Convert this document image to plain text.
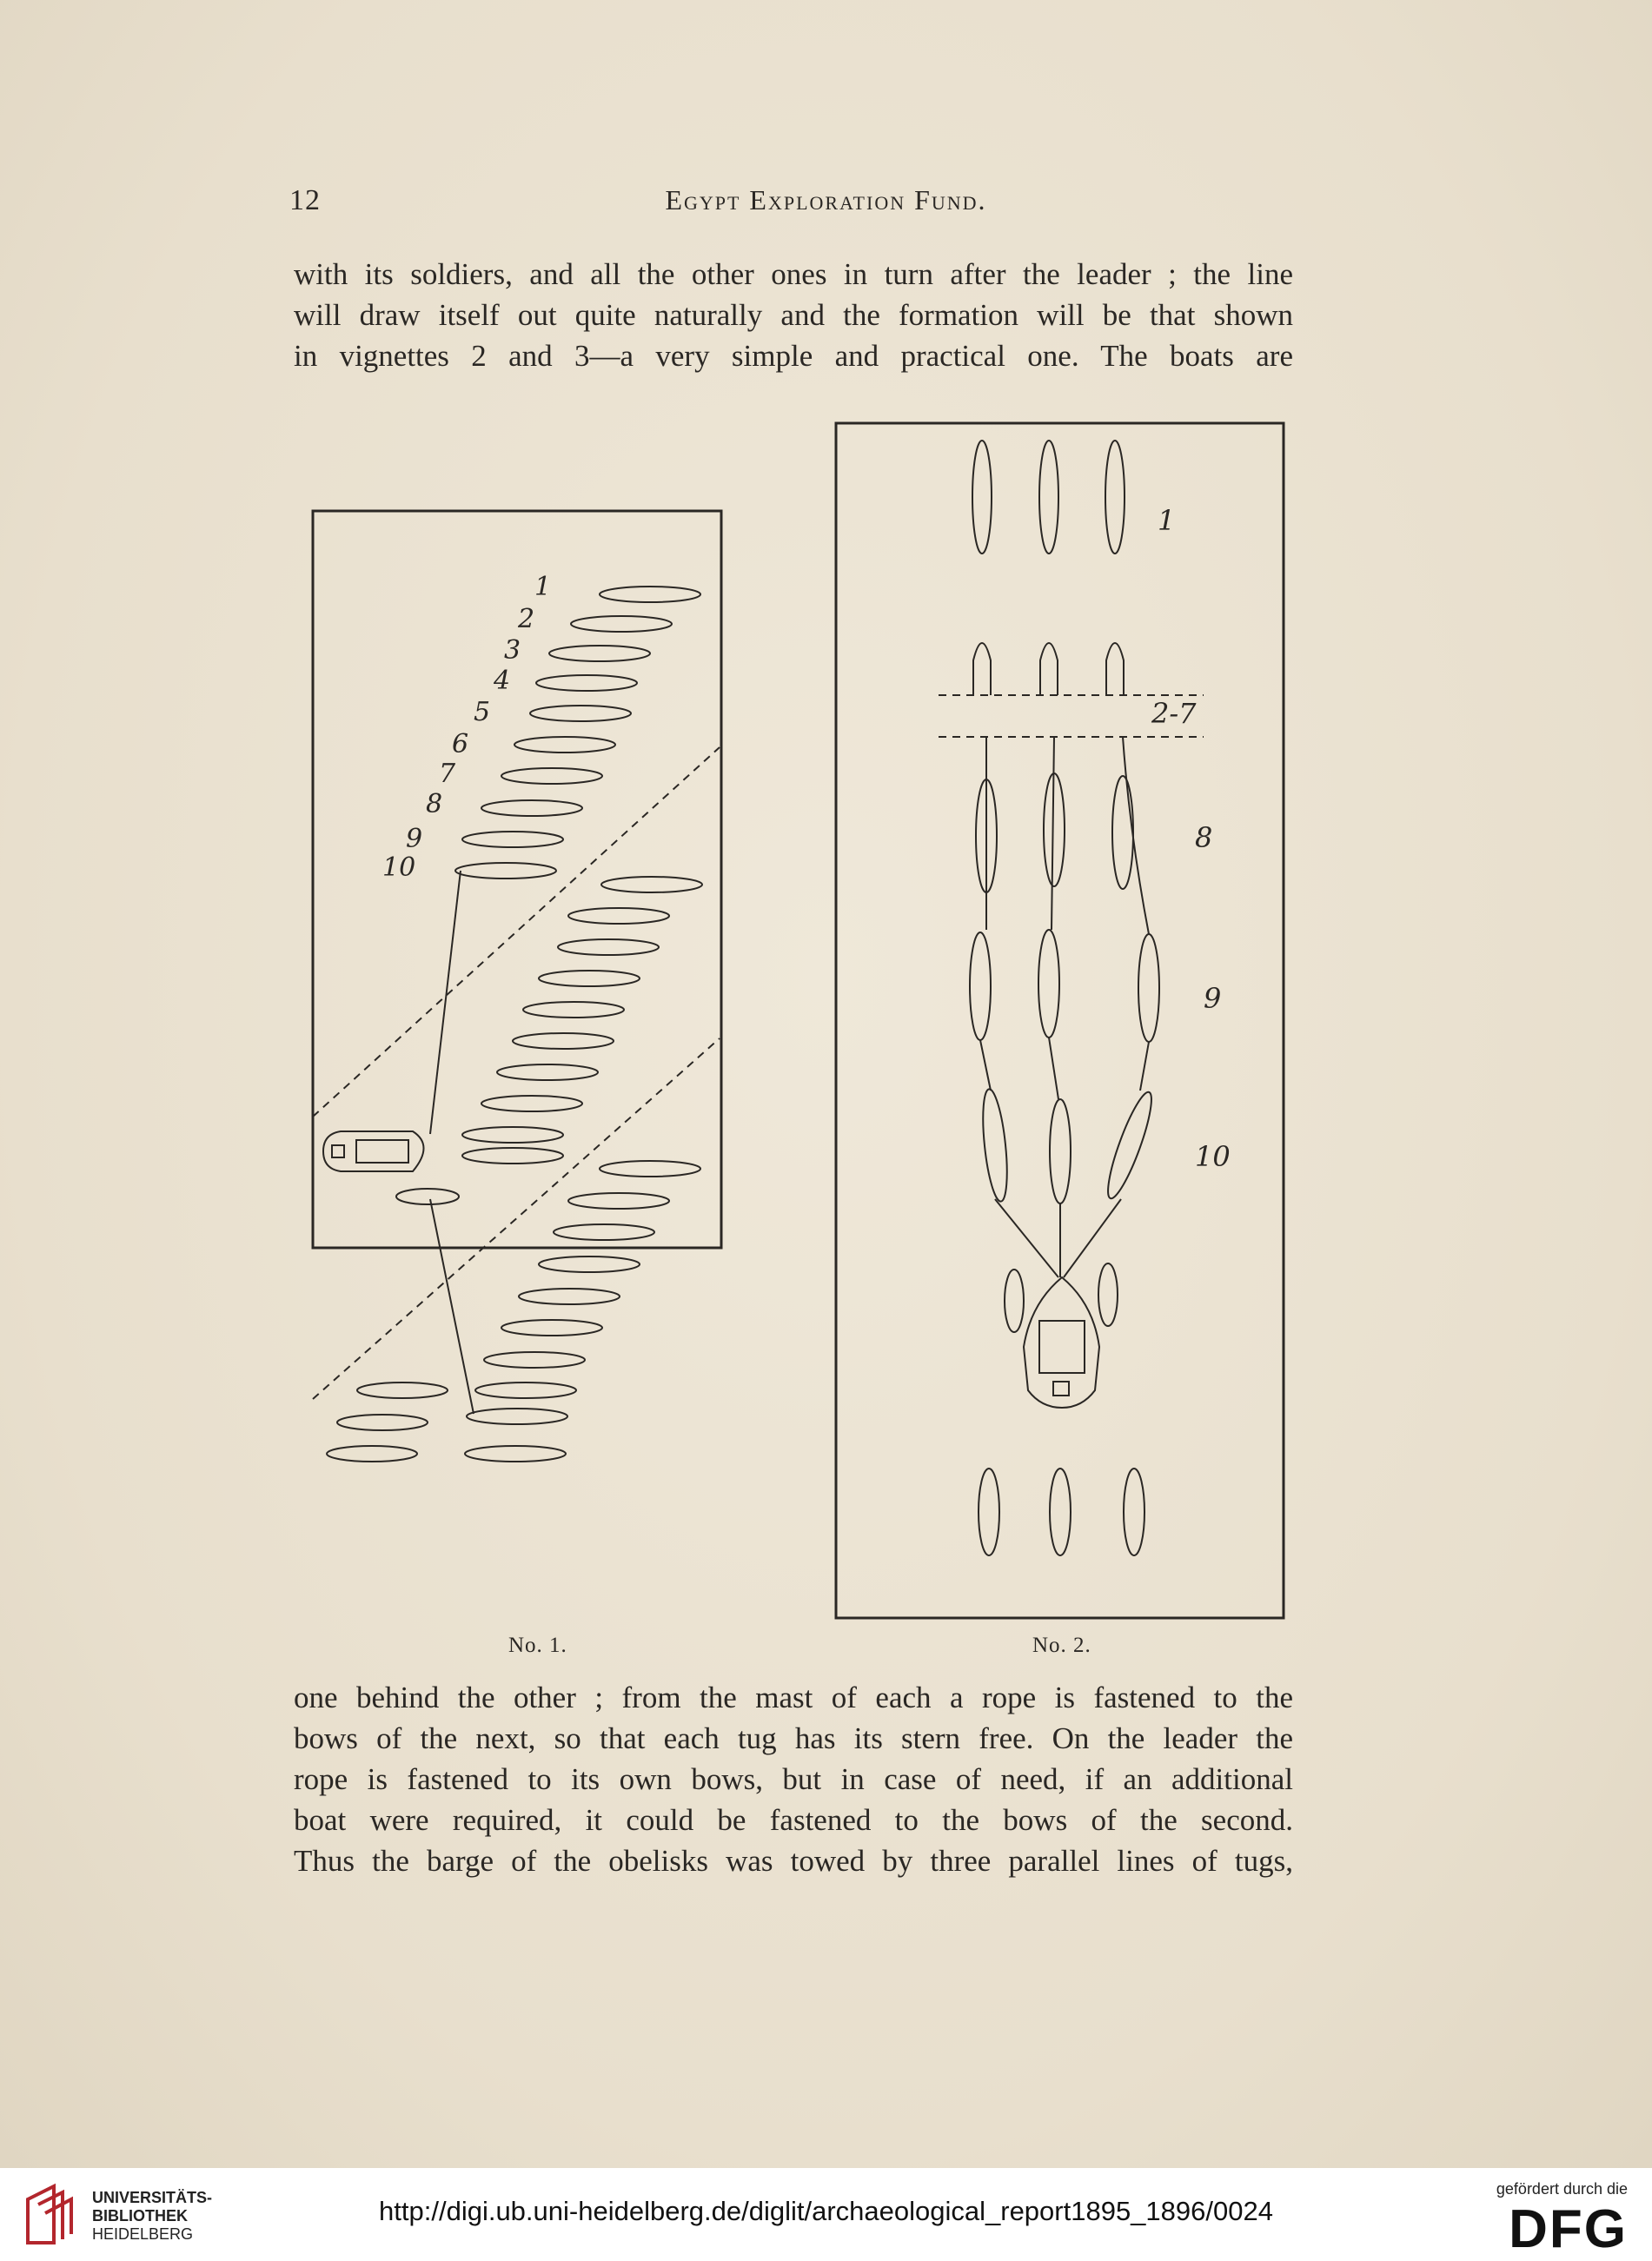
12	Egypt Exploration Fund.
with its soldiers, and all the other ones in turn after the leader ; the line
will draw itself out quite naturally and the formation will be that shown
in vignettes 2 and 3—a very simple and practical one. The boats are
1
2
3
4
5
6
7
8
9
10
1
2-7
8
9
10
No. 1.	No. 2.
one behind the other ; from the mast of each a rope is fastened to the
bows of the next, so that each tug has its stern free. On the leader the
rope is fastened to its own bows, but in case of need, if an additional
boat were required, it could be fastened to the bows of the second.
Thus the barge of the obelisks was towed by three parallel lines of tugs,
UNIVERSITÄTS-
BIBLIOTHEK
HEIDELBERG
http://digi.ub.uni-heidelberg.de/diglit/archaeological_report1895_1896/0024
gefördert durch die
DFG
